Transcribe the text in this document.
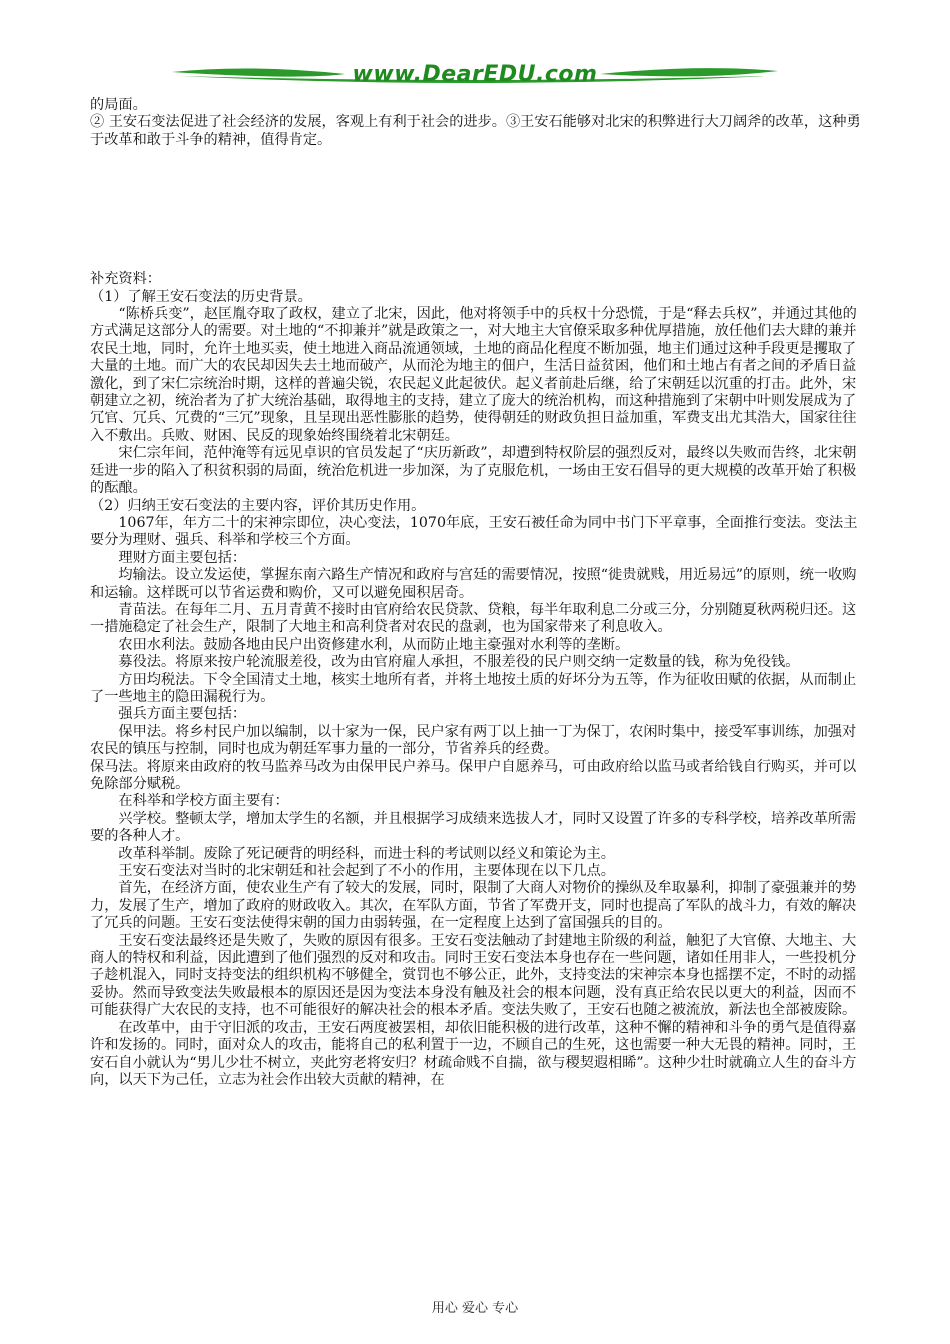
www.DearEDU.com

的局面。

② 王安石变法促进了社会经济的发展，客观上有利于社会的进步。③王安石能够对北宋的积弊进行大刀阔斧的改革，这种勇于改革和敢于斗争的精神，值得肯定。

补充资料：

（1）了解王安石变法的历史背景。

“陈桥兵变”，赵匡胤夺取了政权，建立了北宋，因此，他对将领手中的兵权十分恐慌，于是“释去兵权”，并通过其他的方式满足这部分人的需要。对土地的“不抑兼并”就是政策之一，对大地主大官僚采取多种优厚措施，放任他们去大肆的兼并农民土地，同时，允许土地买卖，使土地进入商品流通领域，土地的商品化程度不断加强，地主们通过这种手段更是攫取了大量的土地。而广大的农民却因失去土地而破产，从而沦为地主的佃户，生活日益贫困，他们和土地占有者之间的矛盾日益激化，到了宋仁宗统治时期，这样的普遍尖锐，农民起义此起彼伏。起义者前赴后继，给了宋朝廷以沉重的打击。此外，宋朝建立之初，统治者为了扩大统治基础，取得地主的支持，建立了庞大的统治机构，而这种措施到了宋朝中叶则发展成为了冗官、冗兵、冗费的“三冗”现象，且呈现出恶性膨胀的趋势，使得朝廷的财政负担日益加重，军费支出尤其浩大，国家往往入不敷出。兵败、财困、民反的现象始终围绕着北宋朝廷。

宋仁宗年间，范仲淹等有远见卓识的官员发起了“庆历新政”，却遭到特权阶层的强烈反对，最终以失败而告终，北宋朝廷进一步的陷入了积贫积弱的局面，统治危机进一步加深，为了克服危机，一场由王安石倡导的更大规模的改革开始了积极的酝酿。

（2）归纳王安石变法的主要内容，评价其历史作用。

1067年，年方二十的宋神宗即位，决心变法，1070年底，王安石被任命为同中书门下平章事，全面推行变法。变法主要分为理财、强兵、科举和学校三个方面。

理财方面主要包括：

均输法。设立发运使，掌握东南六路生产情况和政府与宫廷的需要情况，按照“徙贵就贱，用近易远”的原则，统一收购和运输。这样既可以节省运费和购价，又可以避免囤积居奇。

青苗法。在每年二月、五月青黄不接时由官府给农民贷款、贷粮，每半年取利息二分或三分，分别随夏秋两税归还。这一措施稳定了社会生产，限制了大地主和高利贷者对农民的盘剥，也为国家带来了利息收入。

农田水利法。鼓励各地由民户出资修建水利，从而防止地主豪强对水利等的垄断。

募役法。将原来按户轮流服差役，改为由官府雇人承担，不服差役的民户则交纳一定数量的钱，称为免役钱。

方田均税法。下令全国清丈土地，核实土地所有者，并将土地按土质的好坏分为五等，作为征收田赋的依据，从而制止了一些地主的隐田漏税行为。

强兵方面主要包括：

保甲法。将乡村民户加以编制，以十家为一保，民户家有两丁以上抽一丁为保丁，农闲时集中，接受军事训练，加强对农民的镇压与控制，同时也成为朝廷军事力量的一部分，节省养兵的经费。

保马法。将原来由政府的牧马监养马改为由保甲民户养马。保甲户自愿养马，可由政府给以监马或者给钱自行购买，并可以免除部分赋税。

在科举和学校方面主要有：

兴学校。整顿太学，增加太学生的名额，并且根据学习成绩来选拔人才，同时又设置了许多的专科学校，培养改革所需要的各种人才。

改革科举制。废除了死记硬背的明经科，而进士科的考试则以经义和策论为主。

王安石变法对当时的北宋朝廷和社会起到了不小的作用，主要体现在以下几点。

首先，在经济方面，使农业生产有了较大的发展，同时，限制了大商人对物价的操纵及牟取暴利，抑制了豪强兼并的势力，发展了生产，增加了政府的财政收入。其次，在军队方面，节省了军费开支，同时也提高了军队的战斗力，有效的解决了冗兵的问题。王安石变法使得宋朝的国力由弱转强，在一定程度上达到了富国强兵的目的。

王安石变法最终还是失败了，失败的原因有很多。王安石变法触动了封建地主阶级的利益，触犯了大官僚、大地主、大商人的特权和利益，因此遭到了他们强烈的反对和攻击。同时王安石变法本身也存在一些问题，诸如任用非人，一些投机分子趁机混入，同时支持变法的组织机构不够健全，赏罚也不够公正，此外，支持变法的宋神宗本身也摇摆不定，不时的动摇妥协。然而导致变法失败最根本的原因还是因为变法本身没有触及社会的根本问题，没有真正给农民以更大的利益，因而不可能获得广大农民的支持，也不可能很好的解决社会的根本矛盾。变法失败了，王安石也随之被流放，新法也全部被废除。

在改革中，由于守旧派的攻击，王安石两度被罢相，却依旧能积极的进行改革，这种不懈的精神和斗争的勇气是值得嘉许和发扬的。同时，面对众人的攻击，能将自己的私利置于一边，不顾自己的生死，这也需要一种大无畏的精神。同时，王安石自小就认为“男儿少壮不树立，夹此穷老将安归？材疏命贱不自揣，欲与稷契遐相睎”。这种少壮时就确立人生的奋斗方向，以天下为己任，立志为社会作出较大贡献的精神，在

用心 爱心 专心
